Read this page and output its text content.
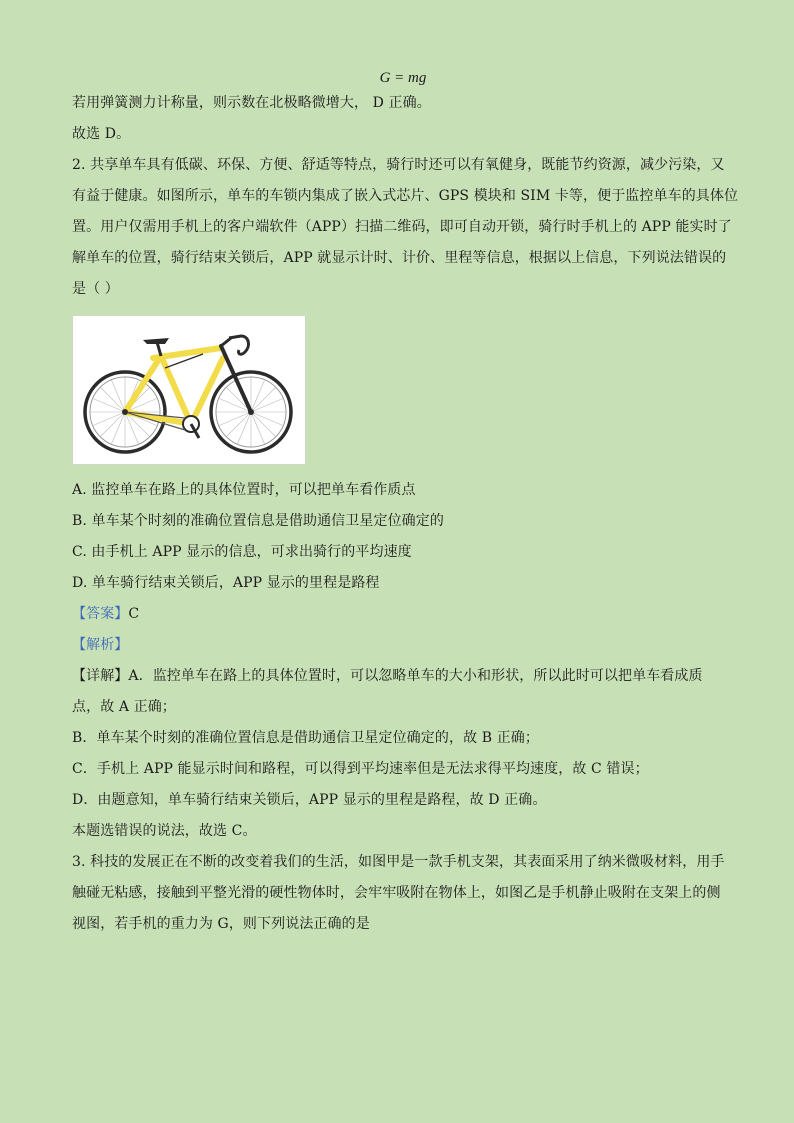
G = mg
若用弹簧测力计称量，则示数在北极略微增大， D 正确。
故选 D。
2. 共享单车具有低碳、环保、方便、舒适等特点，骑行时还可以有氧健身，既能节约资源，减少污染，又
有益于健康。如图所示，单车的车锁内集成了嵌入式芯片、GPS 模块和 SIM 卡等，便于监控单车的具体位
置。用户仅需用手机上的客户端软件（APP）扫描二维码，即可自动开锁，骑行时手机上的 APP 能实时了
解单车的位置，骑行结束关锁后，APP 就显示计时、计价、里程等信息，根据以上信息，下列说法错误的
是（ ）
A. 监控单车在路上的具体位置时，可以把单车看作质点
B. 单车某个时刻的准确位置信息是借助通信卫星定位确定的
C. 由手机上 APP 显示的信息，可求出骑行的平均速度
D. 单车骑行结束关锁后，APP 显示的里程是路程
【答案】C
【解析】
【详解】A．监控单车在路上的具体位置时，可以忽略单车的大小和形状，所以此时可以把单车看成质
点，故 A 正确；
B．单车某个时刻的准确位置信息是借助通信卫星定位确定的，故 B 正确；
C．手机上 APP 能显示时间和路程，可以得到平均速率但是无法求得平均速度，故 C 错误；
D．由题意知，单车骑行结束关锁后，APP 显示的里程是路程，故 D 正确。
本题选错误的说法，故选 C。
3. 科技的发展正在不断的改变着我们的生活，如图甲是一款手机支架，其表面采用了纳米微吸材料，用手
触碰无粘感，接触到平整光滑的硬性物体时，会牢牢吸附在物体上，如图乙是手机静止吸附在支架上的侧
视图，若手机的重力为 G，则下列说法正确的是
